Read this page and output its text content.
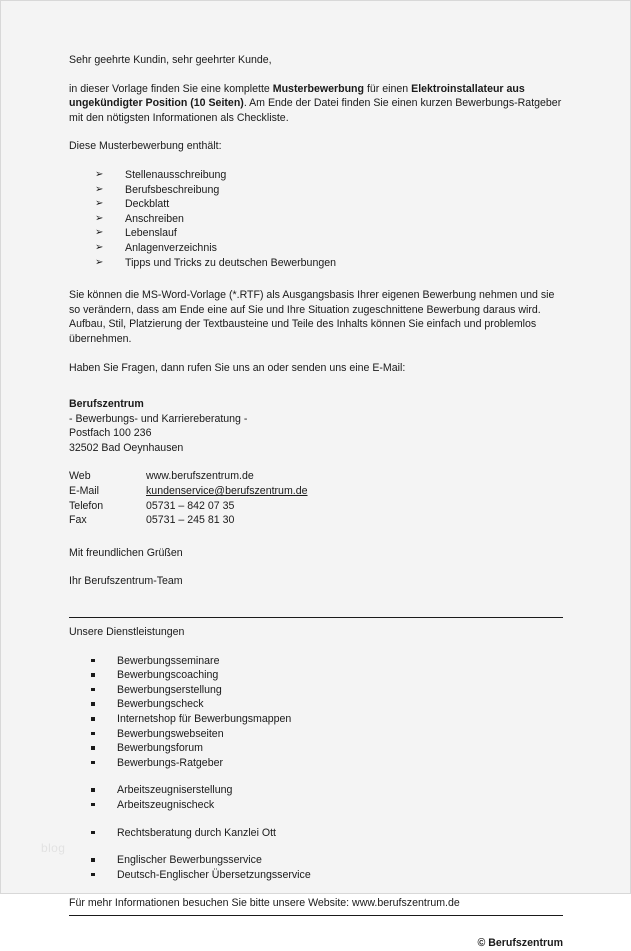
Sehr geehrte Kundin, sehr geehrter Kunde,

in dieser Vorlage finden Sie eine komplette Musterbewerbung für einen Elektroinstallateur aus ungekündigter Position (10 Seiten). Am Ende der Datei finden Sie einen kurzen Bewerbungs-Ratgeber mit den nötigsten Informationen als Checkliste.

Diese Musterbewerbung enthält:

➢ Stellenausschreibung
➢ Berufsbeschreibung
➢ Deckblatt
➢ Anschreiben
➢ Lebenslauf
➢ Anlagenverzeichnis
➢ Tipps und Tricks zu deutschen Bewerbungen

Sie können die MS-Word-Vorlage (*.RTF) als Ausgangsbasis Ihrer eigenen Bewerbung nehmen und sie so verändern, dass am Ende eine auf Sie und Ihre Situation zugeschnittene Bewerbung daraus wird. Aufbau, Stil, Platzierung der Textbausteine und Teile des Inhalts können Sie einfach und problemlos übernehmen.

Haben Sie Fragen, dann rufen Sie uns an oder senden uns eine E-Mail:

Berufszentrum
- Bewerbungs- und Karriereberatung -
Postfach 100 236
32502 Bad Oeynhausen
Web	www.berufszentrum.de
E-Mail	kundenservice@berufszentrum.de
Telefon	05731 – 842 07 35
Fax	05731 – 245 81 30

Mit freundlichen Grüßen

Ihr Berufszentrum-Team

Unsere Dienstleistungen
Bewerbungsseminare
Bewerbungscoaching
Bewerbungserstellung
Bewerbungscheck
Internetshop für Bewerbungsmappen
Bewerbungswebseiten
Bewerbungsforum
Bewerbungs-Ratgeber
Arbeitszeugniserstellung
Arbeitszeugnischeck
Rechtsberatung durch Kanzlei Ott
Englischer Bewerbungsservice
Deutsch-Englischer Übersetzungsservice
Für mehr Informationen besuchen Sie bitte unsere Website: www.berufszentrum.de
© Berufszentrum
blog
